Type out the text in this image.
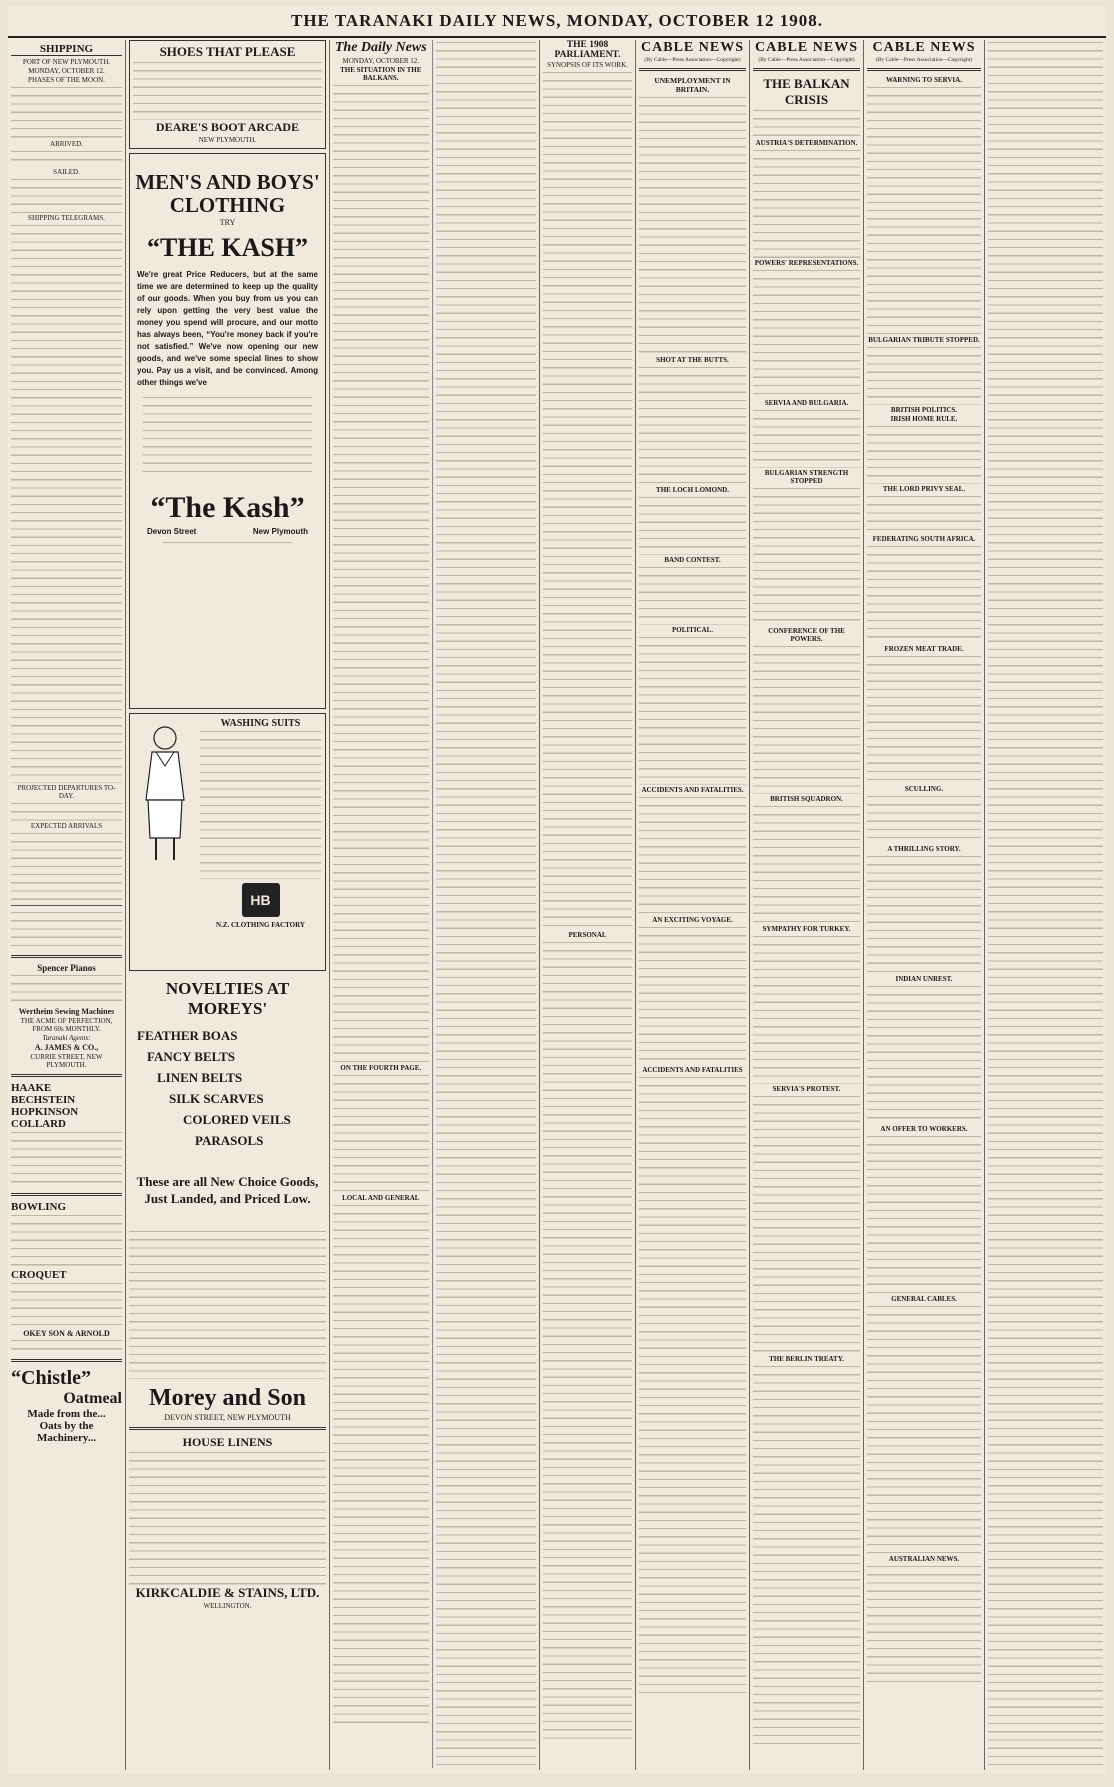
THE TARANAKI DAILY NEWS, MONDAY, OCTOBER 12 1908.
SHIPPING
PORT OF NEW PLYMOUTH.
MONDAY, OCTOBER 12.
PHASES OF THE MOON.
ARRIVED.
SAILED.
SHIPPING TELEGRAMS.
PROJECTED DEPARTURES TO-DAY.
EXPECTED ARRIVALS
Spencer Pianos
Wertheim Sewing Machines
THE ACME OF PERFECTION, FROM 60s MONTHLY.
Taranaki Agents:
A. JAMES & CO.,
CURRIE STREET, NEW PLYMOUTH.
HAAKE
BECHSTEIN
HOPKINSON
COLLARD
BOWLING
CROQUET
OKEY SON & ARNOLD
“Chistle”
Oatmeal
Made from the...
Oats by the
Machinery...
SHOES THAT PLEASE
DEARE'S BOOT ARCADE
NEW PLYMOUTH.
MEN'S AND BOYS' CLOTHING
TRY
“THE KASH”
We're great Price Reducers, but at the same time we are determined to keep up the quality of our goods. When you buy from us you can rely upon getting the very best value the money you spend will procure, and our motto has always been, “You're money back if you're not satisfied.” We've now opening our new goods, and we've some special lines to show you. Pay us a visit, and be convinced. Among other things we've
“The Kash”
Devon Street	New Plymouth
WASHING SUITS
HB
N.Z. CLOTHING FACTORY
NOVELTIES AT MOREYS'
FEATHER BOAS
FANCY BELTS
LINEN BELTS
SILK SCARVES
COLORED VEILS
PARASOLS
These are all New Choice Goods, Just Landed, and Priced Low.
Morey and Son
DEVON STREET, NEW PLYMOUTH
HOUSE LINENS
KIRKCALDIE & STAINS, LTD.
WELLINGTON.
The Daily News
MONDAY, OCTOBER 12.
THE SITUATION IN THE BALKANS.
ON THE FOURTH PAGE.
LOCAL AND GENERAL
THE 1908 PARLIAMENT.
SYNOPSIS OF ITS WORK.
PERSONAL
CABLE NEWS
(By Cable—Press Association—Copyright)
UNEMPLOYMENT IN BRITAIN.
SHOT AT THE BUTTS.
THE LOCH LOMOND.
BAND CONTEST.
POLITICAL.
ACCIDENTS AND FATALITIES.
AN EXCITING VOYAGE.
ACCIDENTS AND FATALITIES
CABLE NEWS
(By Cable—Press Association—Copyright)
THE BALKAN CRISIS
AUSTRIA'S DETERMINATION.
POWERS' REPRESENTATIONS.
SERVIA AND BULGARIA.
BULGARIAN STRENGTH STOPPED
CONFERENCE OF THE POWERS.
BRITISH SQUADRON.
SYMPATHY FOR TURKEY.
SERVIA'S PROTEST.
THE BERLIN TREATY.
CABLE NEWS
(By Cable—Press Association—Copyright)
WARNING TO SERVIA.
BULGARIAN TRIBUTE STOPPED.
BRITISH POLITICS.
IRISH HOME RULE.
THE LORD PRIVY SEAL.
FEDERATING SOUTH AFRICA.
FROZEN MEAT TRADE.
SCULLING.
A THRILLING STORY.
INDIAN UNREST.
AN OFFER TO WORKERS.
GENERAL CABLES.
AUSTRALIAN NEWS.
